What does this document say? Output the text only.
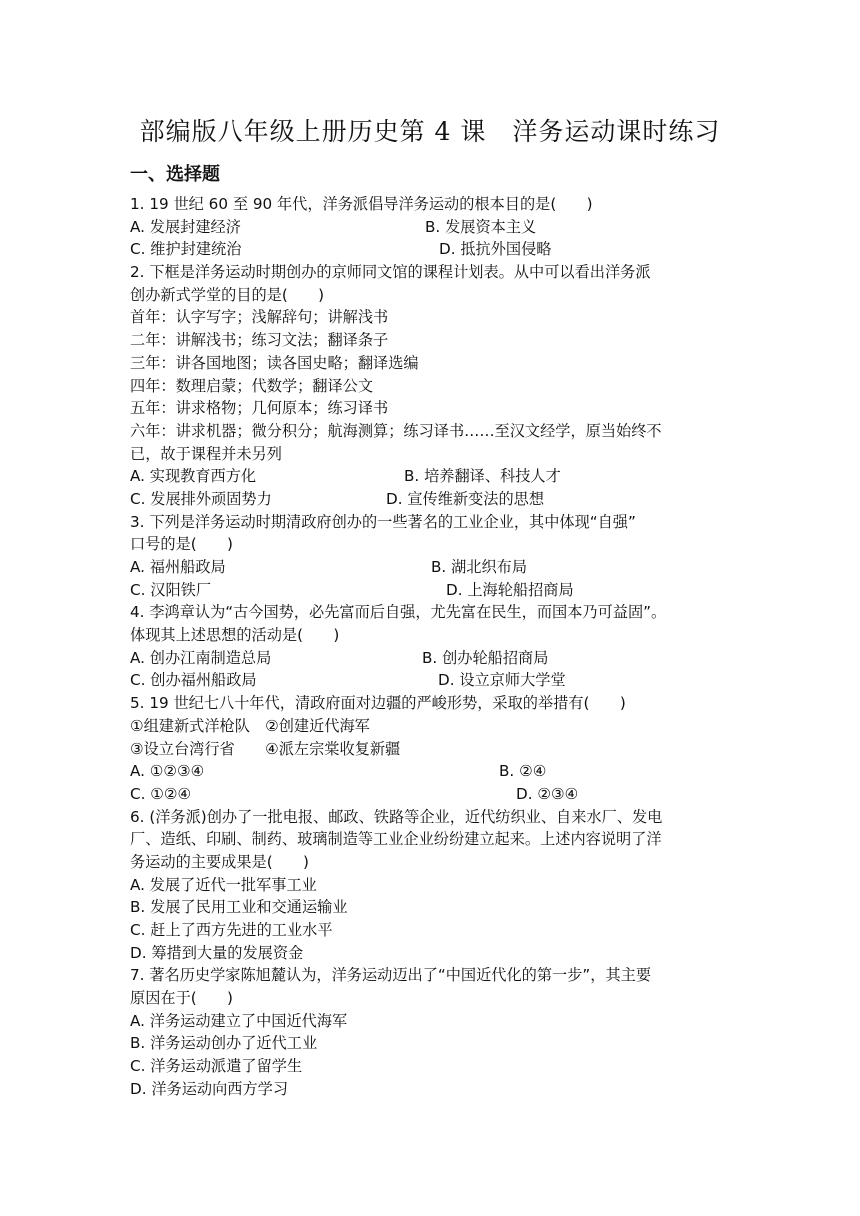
部编版八年级上册历史第 4 课　洋务运动课时练习
一、选择题
1. 19 世纪 60 至 90 年代，洋务派倡导洋务运动的根本目的是(　　)
A. 发展封建经济	B. 发展资本主义
C. 维护封建统治	D. 抵抗外国侵略
2. 下框是洋务运动时期创办的京师同文馆的课程计划表。从中可以看出洋务派
创办新式学堂的目的是(　　)
首年：认字写字；浅解辞句；讲解浅书
二年：讲解浅书；练习文法；翻译条子
三年：讲各国地图；读各国史略；翻译选编
四年：数理启蒙；代数学；翻译公文
五年：讲求格物；几何原本；练习译书
六年：讲求机器；微分积分；航海测算；练习译书……至汉文经学，原当始终不
已，故于课程并未另列
A. 实现教育西方化	B. 培养翻译、科技人才
C. 发展排外顽固势力	D. 宣传维新变法的思想
3. 下列是洋务运动时期清政府创办的一些著名的工业企业，其中体现“自强”
口号的是(　　)
A. 福州船政局	B. 湖北织布局
C. 汉阳铁厂	D. 上海轮船招商局
4. 李鸿章认为“古今国势，必先富而后自强，尤先富在民生，而国本乃可益固”。
体现其上述思想的活动是(　　)
A. 创办江南制造总局	B. 创办轮船招商局
C. 创办福州船政局	D. 设立京师大学堂
5. 19 世纪七八十年代，清政府面对边疆的严峻形势，采取的举措有(　　)
①组建新式洋枪队　②创建近代海军
③设立台湾行省　　④派左宗棠收复新疆
A. ①②③④	B. ②④
C. ①②④	D. ②③④
6. (洋务派)创办了一批电报、邮政、铁路等企业，近代纺织业、自来水厂、发电
厂、造纸、印刷、制药、玻璃制造等工业企业纷纷建立起来。上述内容说明了洋
务运动的主要成果是(　　)
A. 发展了近代一批军事工业
B. 发展了民用工业和交通运输业
C. 赶上了西方先进的工业水平
D. 筹措到大量的发展资金
7. 著名历史学家陈旭麓认为，洋务运动迈出了“中国近代化的第一步”，其主要
原因在于(　　)
A. 洋务运动建立了中国近代海军
B. 洋务运动创办了近代工业
C. 洋务运动派遣了留学生
D. 洋务运动向西方学习
